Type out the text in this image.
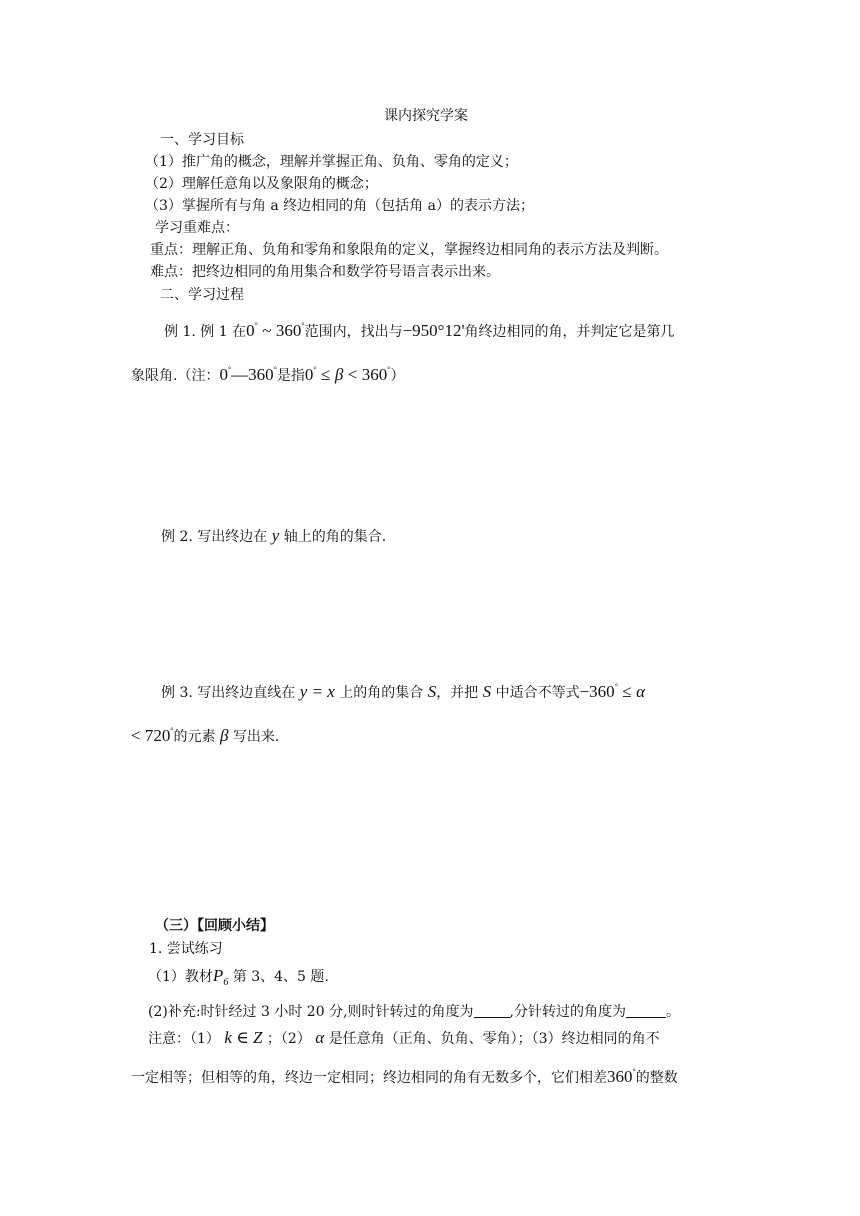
课内探究学案
一、学习目标
（1）推广角的概念，理解并掌握正角、负角、零角的定义；
（2）理解任意角以及象限角的概念；
（3）掌握所有与角 a 终边相同的角（包括角 a）的表示方法；
学习重难点：
重点：理解正角、负角和零角和象限角的定义，掌握终边相同角的表示方法及判断。
难点：把终边相同的角用集合和数学符号语言表示出来。
二、学习过程
例 1. 例 1 在0° ~ 360°范围内，找出与−950°12'角终边相同的角，并判定它是第几
象限角.（注：0°—360°是指0° ≤ β < 360°）
例 2. 写出终边在 y 轴上的角的集合.
例 3. 写出终边直线在 y = x 上的角的集合 S，并把 S 中适合不等式−360° ≤ α
< 720°的元素 β 写出来.
（三）【回顾小结】
1. 尝试练习
（1）教材$P_6$ 第 3、4、5 题.
(2)补充:时针经过 3 小时 20 分,则时针转过的角度为	,分针转过的角度为	。
注意：（1） k ∈ Z ；（2） α 是任意角（正角、负角、零角）；（3）终边相同的角不
一定相等；但相等的角，终边一定相同；终边相同的角有无数多个，它们相差360°的整数
